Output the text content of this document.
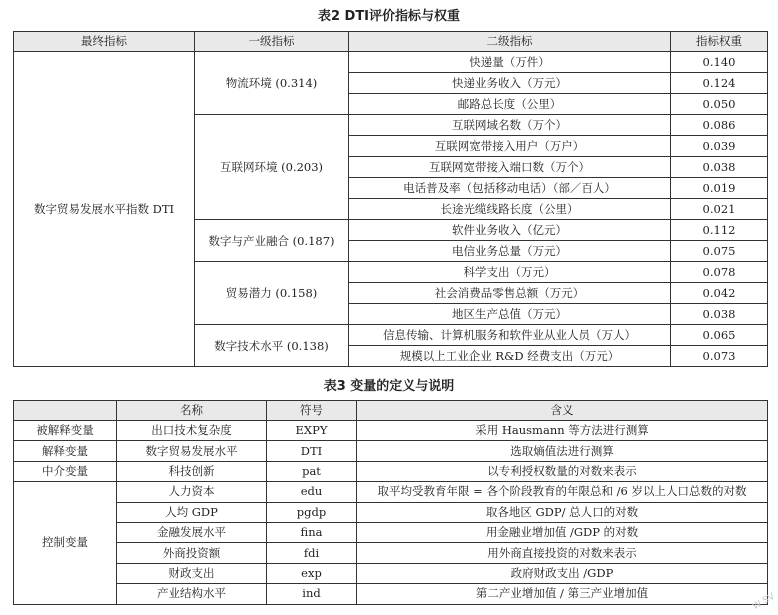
表2 DTI评价指标与权重
最终指标	一级指标	二级指标	指标权重
数字贸易发展水平指数 DTI	物流环境 (0.314)	快递量（万件）	0.140
		快递业务收入（万元）	0.124
		邮路总长度（公里）	0.050
	互联网环境 (0.203)	互联网域名数（万个）	0.086
		互联网宽带接入用户（万户）	0.039
		互联网宽带接入端口数（万个）	0.038
		电话普及率（包括移动电话）（部／百人）	0.019
		长途光缆线路长度（公里）	0.021
	数字与产业融合 (0.187)	软件业务收入（亿元）	0.112
		电信业务总量（万元）	0.075
	贸易潜力 (0.158)	科学支出（万元）	0.078
		社会消费品零售总额（万元）	0.042
		地区生产总值（万元）	0.038
	数字技术水平 (0.138)	信息传输、计算机服务和软件业从业人员（万人）	0.065
		规模以上工业企业 R&D 经费支出（万元）	0.073
表3 变量的定义与说明
	名称	符号	含义
被解释变量	出口技术复杂度	EXPY	采用 Hausmann 等方法进行测算
解释变量	数字贸易发展水平	DTI	选取熵值法进行测算
中介变量	科技创新	pat	以专利授权数量的对数来表示
控制变量	人力资本	edu	取平均受教育年限 = 各个阶段教育的年限总和 /6 岁以上人口总数的对数
	人均 GDP	pgdp	取各地区 GDP/ 总人口的对数
	金融发展水平	fina	用金融业增加值 /GDP 的对数
	外商投资额	fdi	用外商直接投资的对数来表示
	财政支出	exp	政府财政支出 /GDP
	产业结构水平	ind	第二产业增加值 / 第三产业增加值	W SV
